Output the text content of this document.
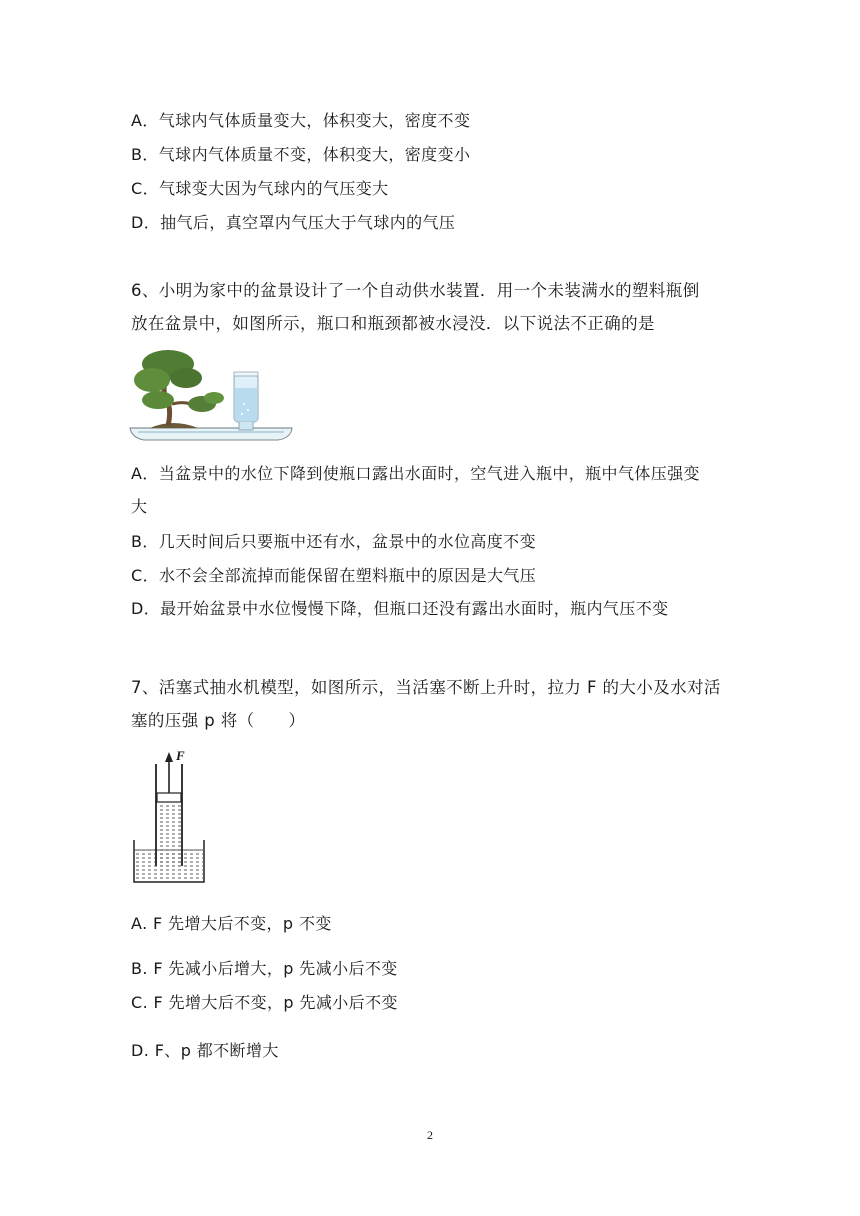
A．气球内气体质量变大，体积变大，密度不变
B．气球内气体质量不变，体积变大，密度变小
C．气球变大因为气球内的气压变大
D．抽气后，真空罩内气压大于气球内的气压
6、小明为家中的盆景设计了一个自动供水装置．用一个未装满水的塑料瓶倒
放在盆景中，如图所示，瓶口和瓶颈都被水浸没．以下说法不正确的是
A．当盆景中的水位下降到使瓶口露出水面时，空气进入瓶中，瓶中气体压强变
大
B．几天时间后只要瓶中还有水，盆景中的水位高度不变
C．水不会全部流掉而能保留在塑料瓶中的原因是大气压
D．最开始盆景中水位慢慢下降，但瓶口还没有露出水面时，瓶内气压不变
7、活塞式抽水机模型，如图所示，当活塞不断上升时，拉力 F 的大小及水对活
塞的压强 p 将（　　）
F
A. F 先增大后不变，p 不变
B. F 先减小后增大，p 先减小后不变
C. F 先增大后不变，p 先减小后不变
D. F、p 都不断增大
2
